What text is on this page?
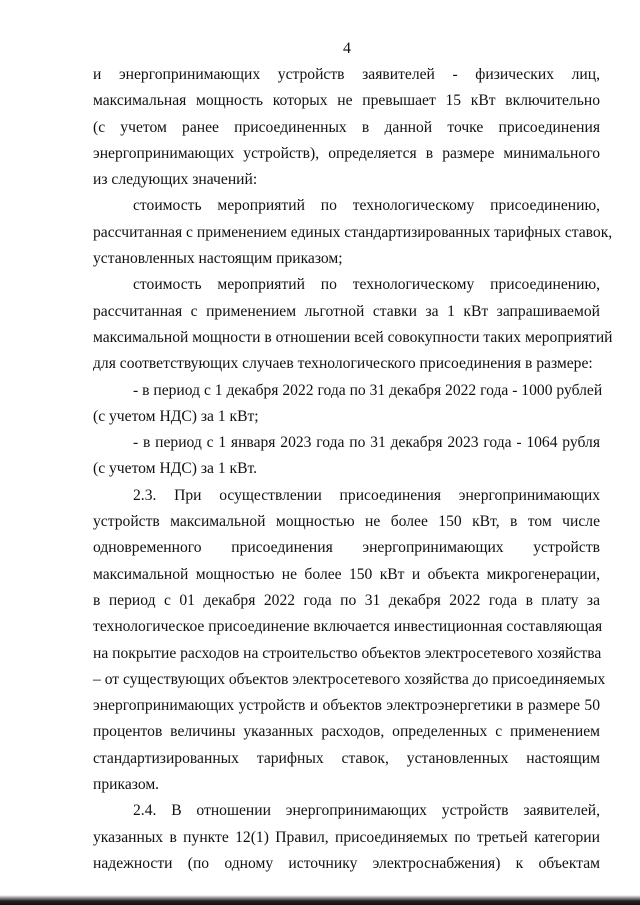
4
и энергопринимающих устройств заявителей - физических лиц,
максимальная мощность которых не превышает 15 кВт включительно
(с учетом ранее присоединенных в данной точке присоединения
энергопринимающих устройств), определяется в размере минимального
из следующих значений:
стоимость мероприятий по технологическому присоединению,
рассчитанная с применением единых стандартизированных тарифных ставок,
установленных настоящим приказом;
стоимость мероприятий по технологическому присоединению,
рассчитанная с применением льготной ставки за 1 кВт запрашиваемой
максимальной мощности в отношении всей совокупности таких мероприятий
для соответствующих случаев технологического присоединения в размере:
- в период с 1 декабря 2022 года по 31 декабря 2022 года - 1000 рублей
(с учетом НДС) за 1 кВт;
- в период с 1 января 2023 года по 31 декабря 2023 года - 1064 рубля
(с учетом НДС) за 1 кВт.
2.3. При осуществлении присоединения энергопринимающих
устройств максимальной мощностью не более 150 кВт, в том числе
одновременного присоединения энергопринимающих устройств
максимальной мощностью не более 150 кВт и объекта микрогенерации,
в период с 01 декабря 2022 года по 31 декабря 2022 года в плату за
технологическое присоединение включается инвестиционная составляющая
на покрытие расходов на строительство объектов электросетевого хозяйства
– от существующих объектов электросетевого хозяйства до присоединяемых
энергопринимающих устройств и объектов электроэнергетики в размере 50
процентов величины указанных расходов, определенных с применением
стандартизированных тарифных ставок, установленных настоящим
приказом.
2.4. В отношении энергопринимающих устройств заявителей,
указанных в пункте 12(1) Правил, присоединяемых по третьей категории
надежности (по одному источнику электроснабжения) к объектам
